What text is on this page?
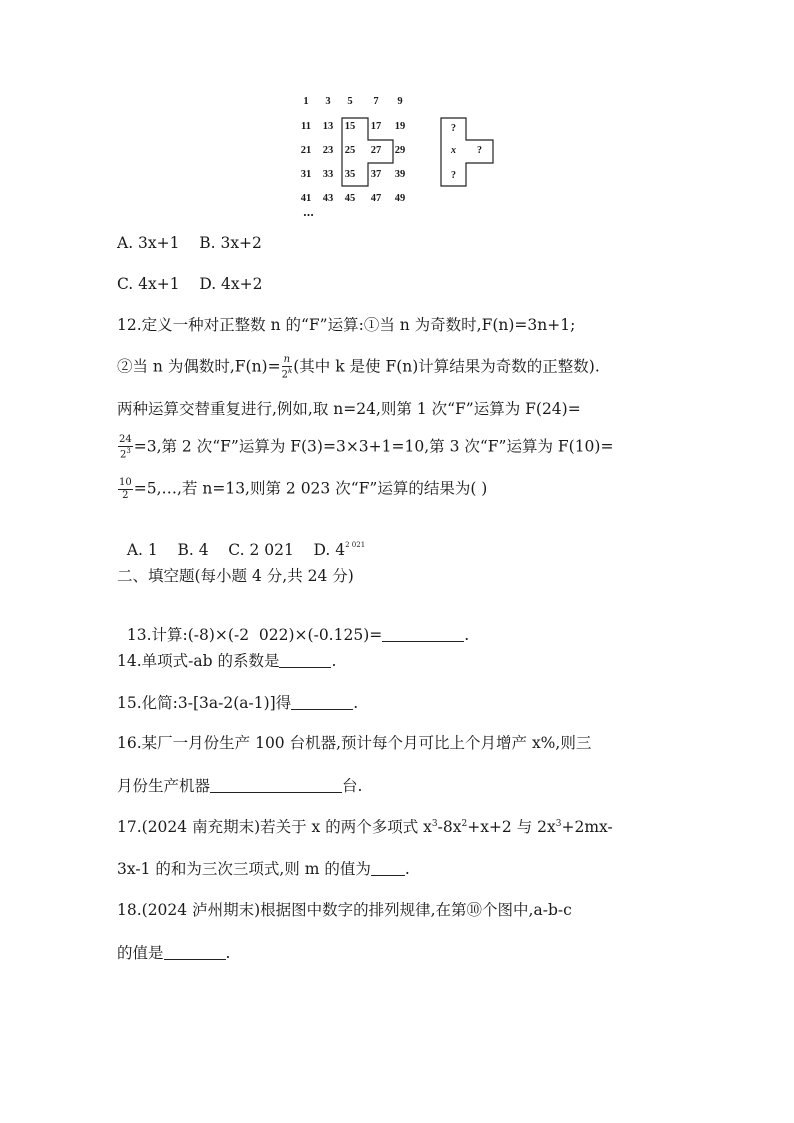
1	3	5	7	9
11	13	15	17	19
21	23	25	27	29
31	33	35	37	39
41	43	45	47	49
…
?
x ?
?
A. 3x+1    B. 3x+2
C. 4x+1    D. 4x+2
12.定义一种对正整数 n 的“F”运算:①当 n 为奇数时,F(n)=3n+1;
②当 n 为偶数时$,F(n)= \frac{n}{2^k}$ (其中 k 是使 F(n)计算结果为奇数的正整数).
两种运算交替重复进行,例如,取 n=24,则第 1 次“F”运算为 F(24)=
$\frac{24}{2^3} =3$,第 2 次“F”运算为 F(3)=3×3+1=10,第 3 次“F”运算为 F(10)=
$\frac{10}{2}$ =5,…,若 n=13,则第 2 023 次“F”运算的结果为( )

A. 1    B. 4    C. 2 021    D. $4^{2 021}$

二、填空题(每小题 4 分,共 24 分)

13.计算:(-8)×(-2  022)×(-0.125)=	.

14.单项式-ab 的系数是	.
15.化简:3-[3a-2(a-1)]得	.
16.某厂一月份生产 100 台机器,预计每个月可比上个月增产 x%,则三
月份生产机器	台.
17.(2024 南充期末)若关于 x 的两个多项式 $x^3-8x^2+x+2$ 与 $2x^3+2mx-$
3x-1 的和为三次三项式,则 m 的值为 .
18.(2024 泸州期末)根据图中数字的排列规律,在第⑩个图中,a-b-c
的值是	.
